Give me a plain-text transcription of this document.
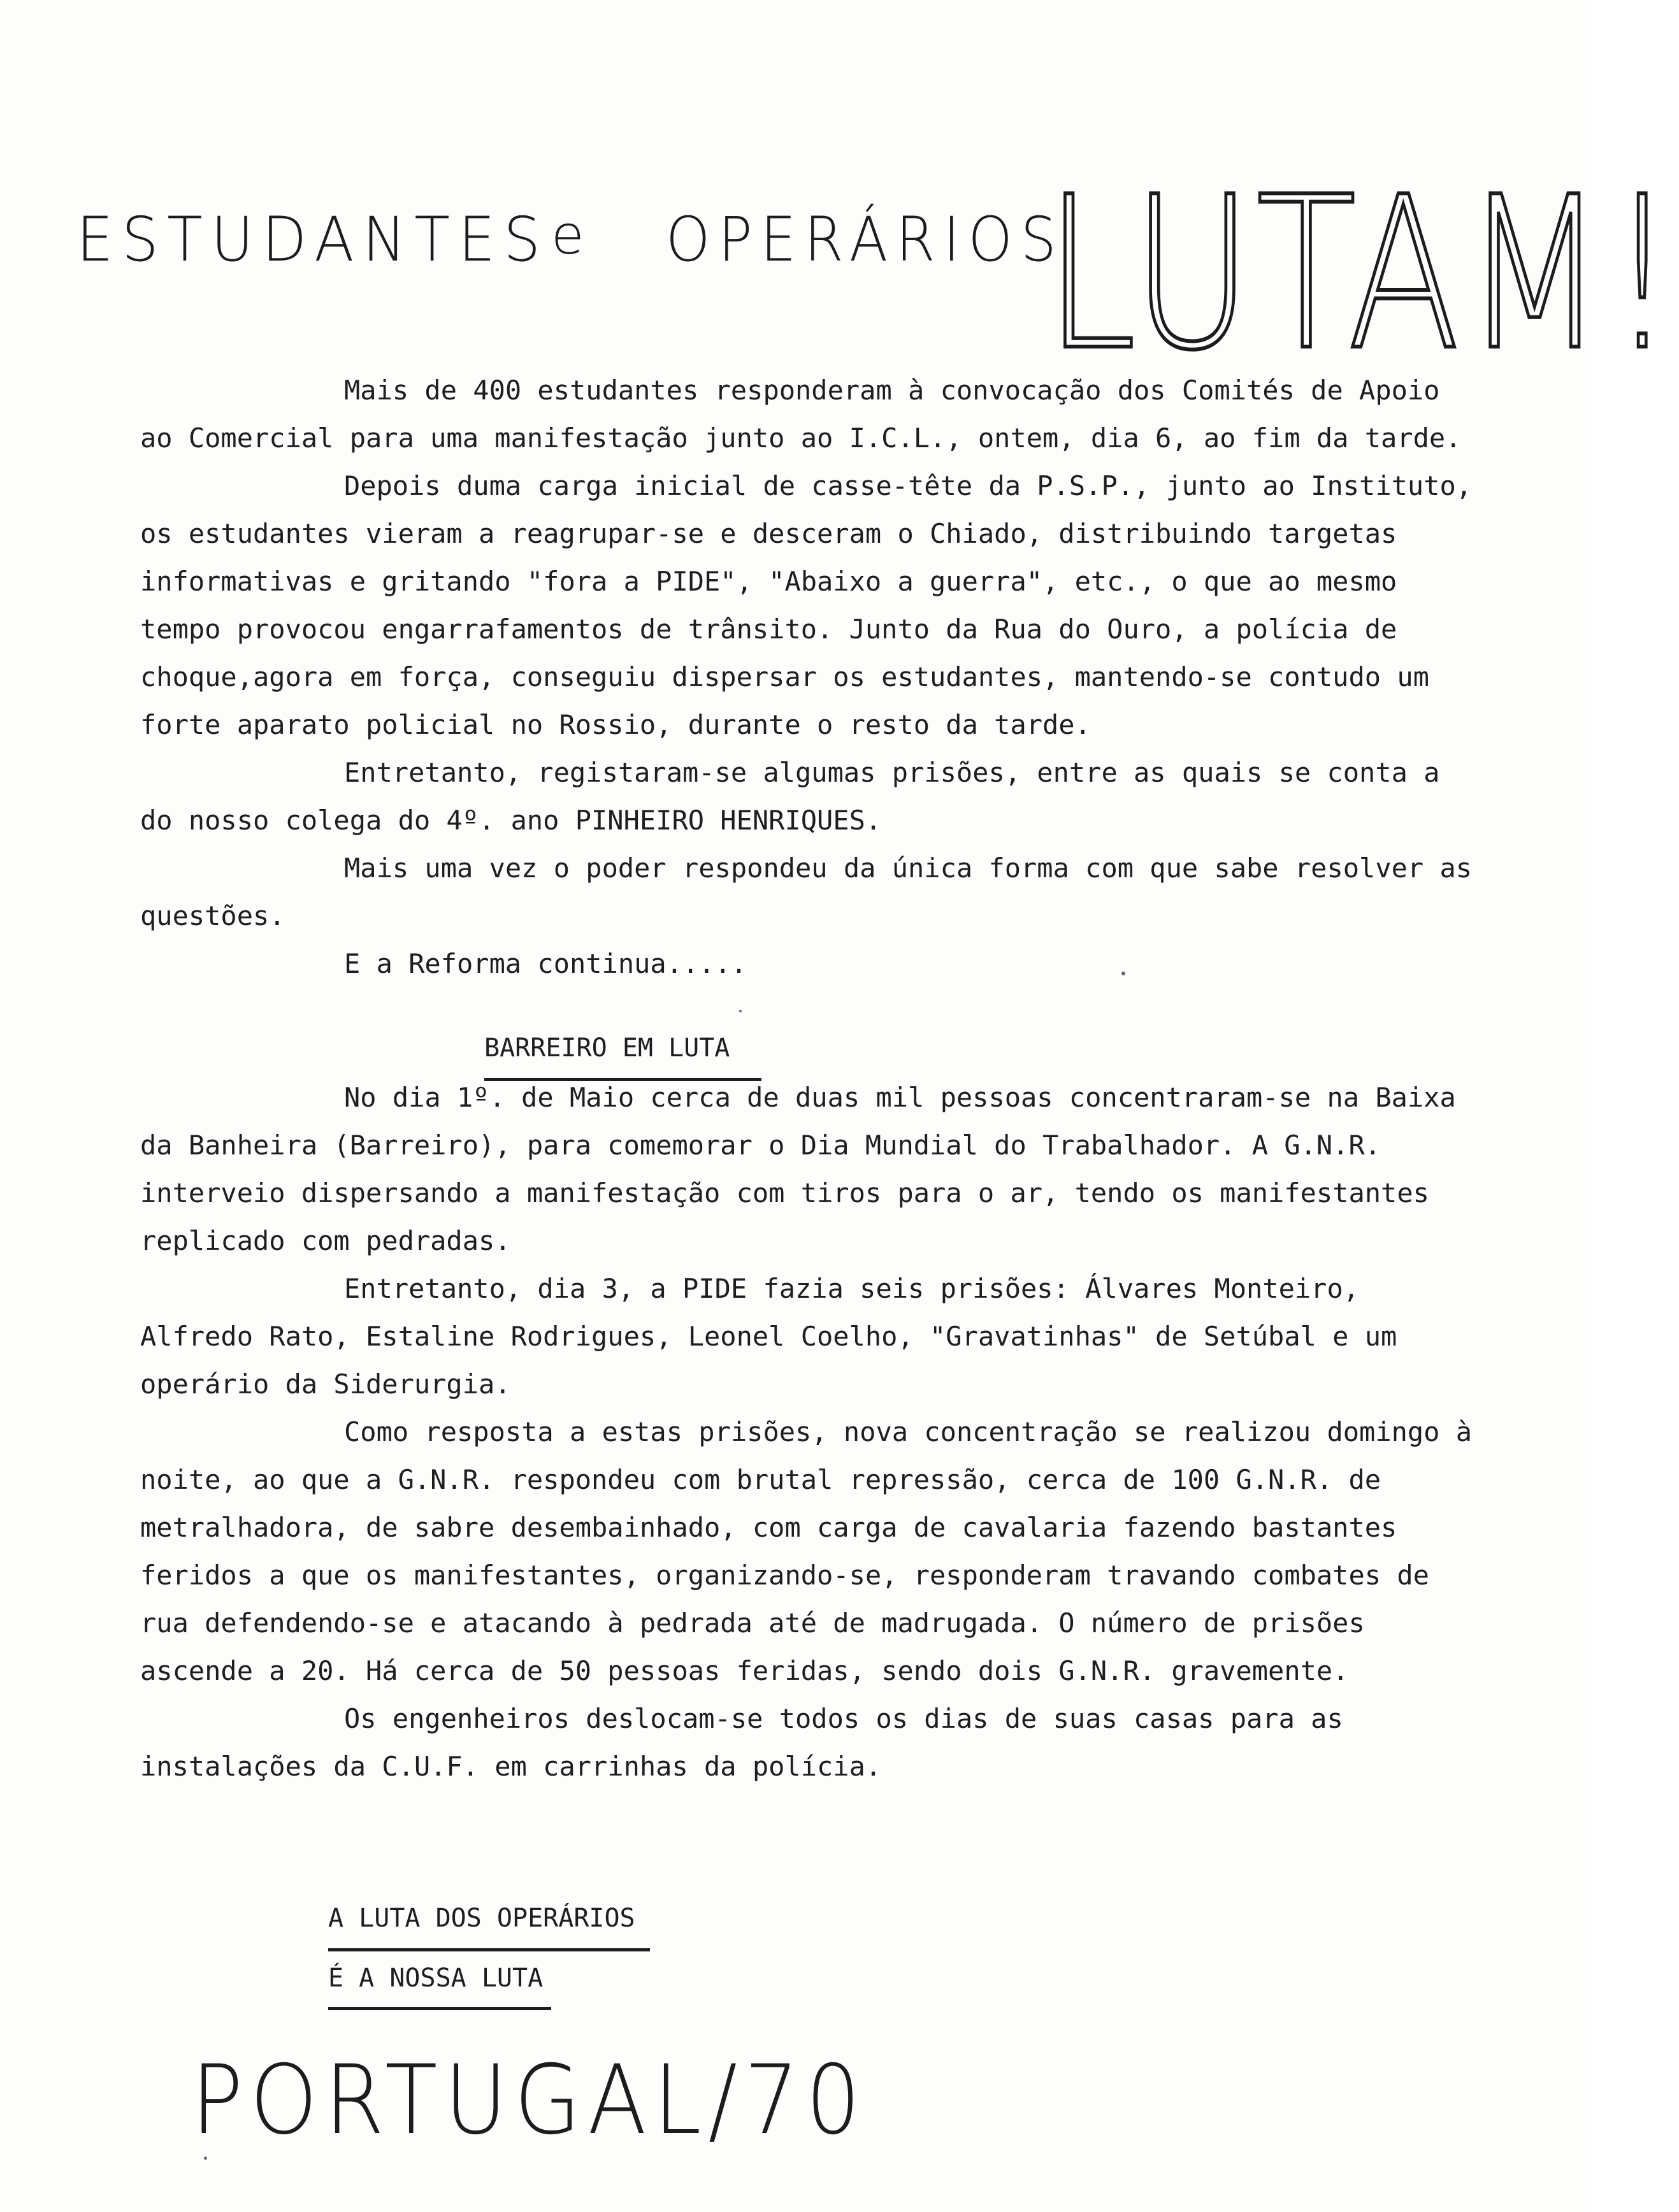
ESTUDANTES e OPERÁRIOS
LUTAM!

Mais de 400 estudantes responderam à convocação dos Comités de Apoio ao Comercial para uma manifestação junto ao I.C.L., ontem, dia 6, ao fim da tarde.

Depois duma carga inicial de casse-tête da P.S.P., junto ao Instituto, os estudantes vieram a reagrupar-se e desceram o Chiado, distribuindo targetas informativas e gritando "fora a PIDE", "Abaixo a guerra", etc., o que ao mesmo tempo provocou engarrafamentos de trânsito. Junto da Rua do Ouro, a polícia de choque,agora em força, conseguiu dispersar os estudantes, mantendo-se contudo um forte aparato policial no Rossio, durante o resto da tarde.

Entretanto, registaram-se algumas prisões, entre as quais se conta a do nosso colega do 4º. ano PINHEIRO HENRIQUES.

Mais uma vez o poder respondeu da única forma com que sabe resolver as questões.

E a Reforma continua.....

No dia 1º. de Maio cerca de duas mil pessoas concentraram-se na Baixa da Banheira (Barreiro), para comemorar o Dia Mundial do Trabalhador. A G.N.R. interveio dispersando a manifestação com tiros para o ar, tendo os manifestantes replicado com pedradas.

Entretanto, dia 3, a PIDE fazia seis prisões: Álvares Monteiro, Alfredo Rato, Estaline Rodrigues, Leonel Coelho, "Gravatinhas" de Setúbal e um operário da Siderurgia.

Como resposta a estas prisões, nova concentração se realizou domingo à noite, ao que a G.N.R. respondeu com brutal repressão, cerca de 100 G.N.R. de metralhadora, de sabre desembainhado, com carga de cavalaria fazendo bastantes feridos a que os manifestantes, organizando-se, responderam travando combates de rua defendendo-se e atacando à pedrada até de madrugada. O número de prisões ascende a 20. Há cerca de 50 pessoas feridas, sendo dois G.N.R. gravemente.

Os engenheiros deslocam-se todos os dias de suas casas para as instalações da C.U.F. em carrinhas da polícia.

BARREIRO EM LUTA
A LUTA DOS OPERÁRIOS
É A NOSSA LUTA
PORTUGAL/70
